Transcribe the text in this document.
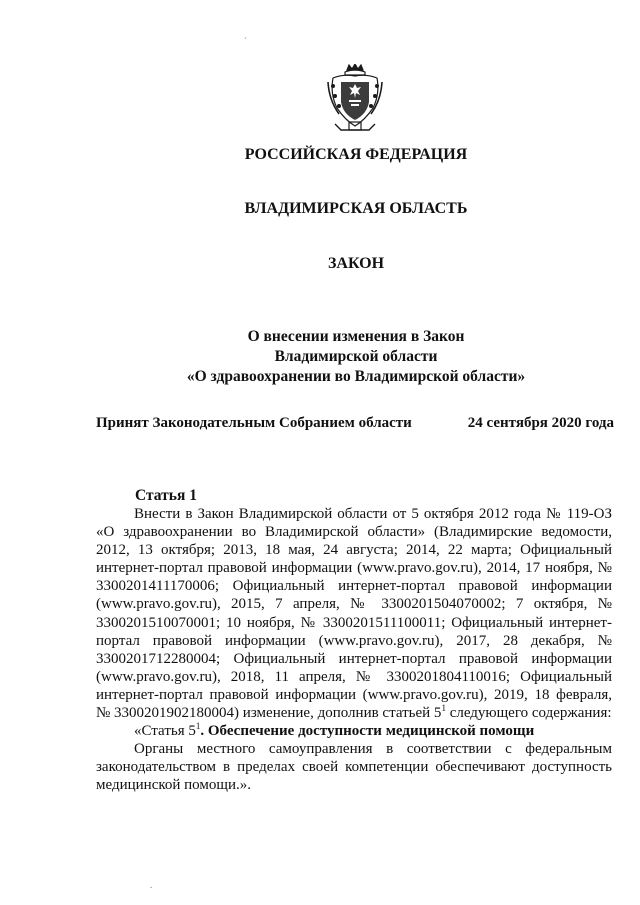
РОССИЙСКАЯ ФЕДЕРАЦИЯ
ВЛАДИМИРСКАЯ ОБЛАСТЬ
ЗАКОН
О внесении изменения в Закон
Владимирской области
«О здравоохранении во Владимирской области»
Принят Законодательным Собранием области	24 сентября 2020 года
Статья 1

Внести в Закон Владимирской области от 5 октября 2012 года № 119-ОЗ «О здравоохранении во Владимирской области» (Владимирские ведомости, 2012, 13 октября; 2013, 18 мая, 24 августа; 2014, 22 марта; Официальный интернет-портал правовой информации (www.pravo.gov.ru), 2014, 17 ноября, № 3300201411170006; Официальный интернет-портал правовой информации (www.pravo.gov.ru), 2015, 7 апреля, № 3300201504070002; 7 октября, № 3300201510070001; 10 ноября, № 3300201511100011; Официальный интернет-портал правовой информации (www.pravo.gov.ru), 2017, 28 декабря, № 3300201712280004; Официальный интернет-портал правовой информации (www.pravo.gov.ru), 2018, 11 апреля, № 3300201804110016; Официальный интернет-портал правовой информации (www.pravo.gov.ru), 2019, 18 февраля, № 3300201902180004) изменение, дополнив статьей $5^1$ следующего содержания:

«Статья $5^1$. Обеспечение доступности медицинской помощи

Органы местного самоуправления в соответствии с федеральным законодательством в пределах своей компетенции обеспечивают доступность медицинской помощи.».

´
.
